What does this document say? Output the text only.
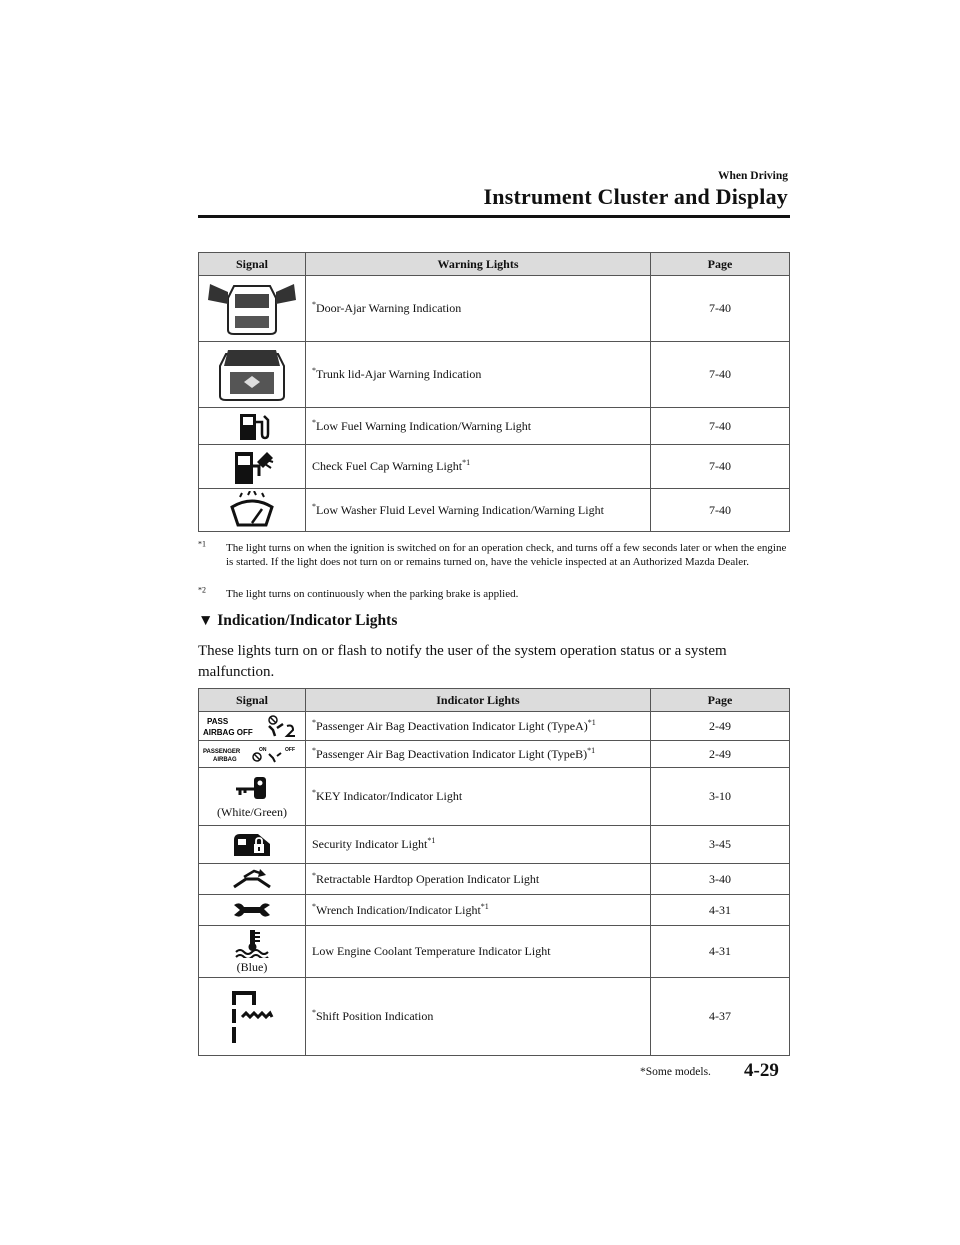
When Driving
Instrument Cluster and Display
Signal	Warning Lights	Page

	*Door-Ajar Warning Indication	7-40

	*Trunk lid-Ajar Warning Indication	7-40

	*Low Fuel Warning Indication/Warning Light	7-40

	Check Fuel Cap Warning Light$^{*1}$	7-40

	*Low Washer Fluid Level Warning Indication/Warning Light	7-40
$^{*1}$ The light turns on when the ignition is switched on for an operation check, and turns off a few seconds later or when the engine is started. If the light does not turn on or remains turned on, have the vehicle inspected at an Authorized Mazda Dealer.
$^{*2}$ The light turns on continuously when the parking brake is applied.
▼ Indication/Indicator Lights
These lights turn on or flash to notify the user of the system operation status or a system malfunction.
Signal	Indicator Lights	Page

PASS
AIRBAG OFF	*Passenger Air Bag Deactivation Indicator Light (TypeA)$^{*1}$	2-49

PASSENGER
AIRBAG
ON OFF	*Passenger Air Bag Deactivation Indicator Light (TypeB)$^{*1}$	2-49

(White/Green)	*KEY Indicator/Indicator Light	3-10

	Security Indicator Light$^{*1}$	3-45

	*Retractable Hardtop Operation Indicator Light	3-40

	*Wrench Indication/Indicator Light$^{*1}$	4-31

(Blue)	Low Engine Coolant Temperature Indicator Light	4-31

	*Shift Position Indication	4-37
*Some models. 4-29
